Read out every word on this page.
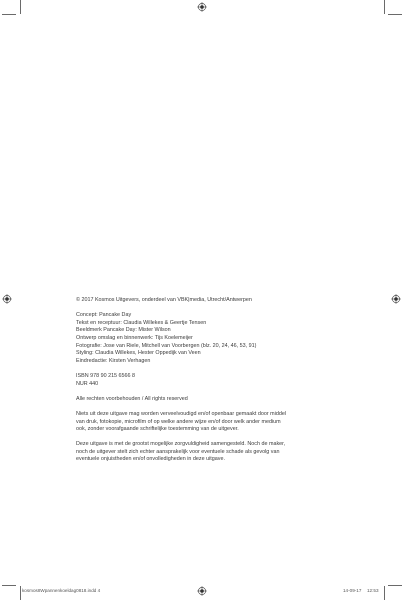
© 2017 Kosmos Uitgevers, onderdeel van VBK|media, Utrecht/Antwerpen

Concept: Pancake Day

Tekst en receptuur: Claudia Willekes & Geertje Tensen

Beeldmerk Pancake Day: Mister Wilson

Ontwerp omslag en binnenwerk: Tijs Koelemeijer

Fotografie: Jose van Riele, Mitchell van Voorbergen (blz. 20, 24, 46, 53, 91)

Styling: Claudia Willekes, Hester Oppedijk van Veen

Eindredactie: Kirsten Verhagen

ISBN 978 90 215 6566 8

NUR 440

Alle rechten voorbehouden / All rights reserved

Niets uit deze uitgave mag worden verveelvoudigd en/of openbaar gemaakt door middel

van druk, fotokopie, microfilm of op welke andere wijze en/of door welk ander medium

ook, zonder voorafgaande schriftelijke toestemming van de uitgever.

Deze uitgave is met de grootst mogelijke zorgvuldigheid samengesteld. Noch de maker,

noch de uitgever stelt zich echter aansprakelijk voor eventuele schade als gevolg van

eventuele onjuistheden en/of onvolledigheden in deze uitgave.

kosmos8Wpannenkoeldag0818.indd 4	14-09-17 12:53
